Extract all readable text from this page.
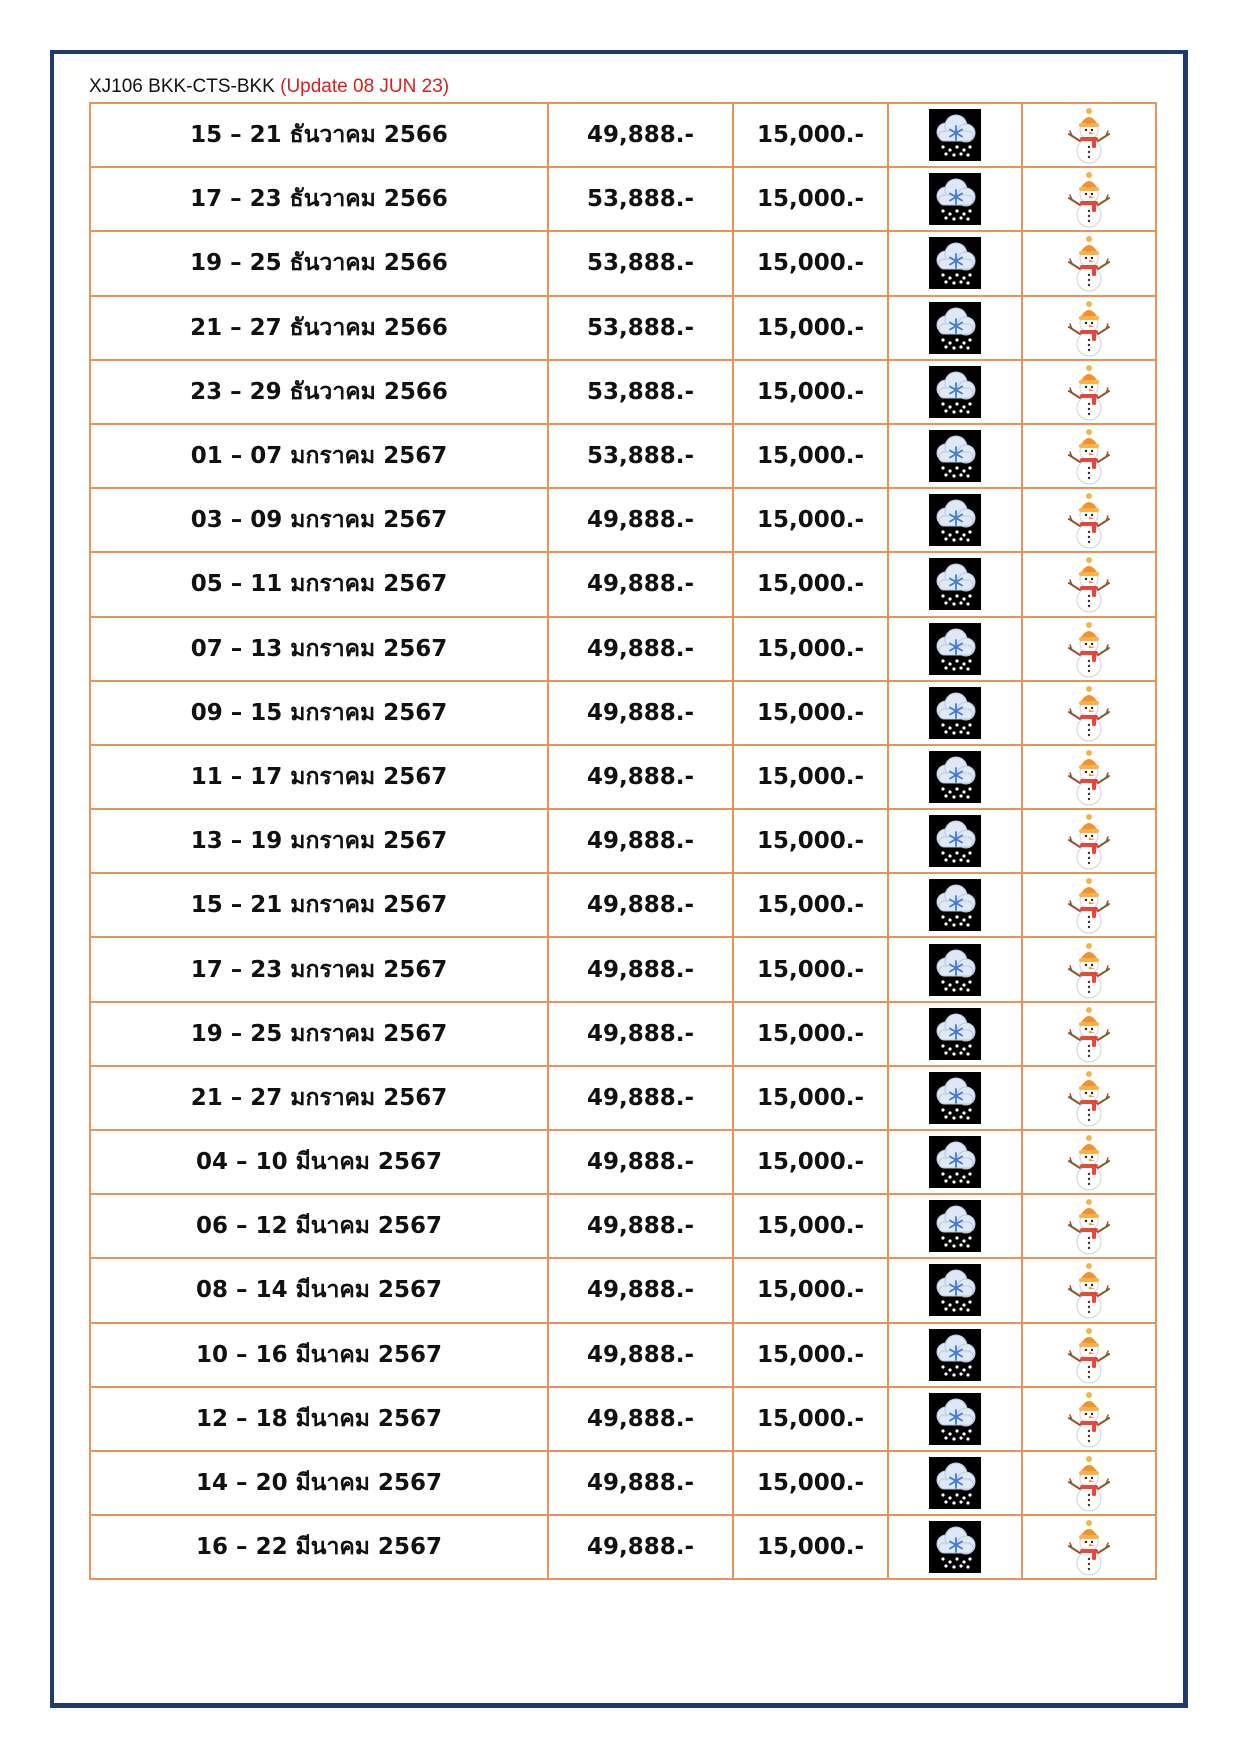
XJ106 BKK-CTS-BKK (Update 08 JUN 23)
15 – 21 ธันวาคม 2566	49,888.-	15,000.-	

17 – 23 ธันวาคม 2566	53,888.-	15,000.-	

19 – 25 ธันวาคม 2566	53,888.-	15,000.-	

21 – 27 ธันวาคม 2566	53,888.-	15,000.-	

23 – 29 ธันวาคม 2566	53,888.-	15,000.-	

01 – 07 มกราคม 2567	53,888.-	15,000.-	

03 – 09 มกราคม 2567	49,888.-	15,000.-	

05 – 11 มกราคม 2567	49,888.-	15,000.-	

07 – 13 มกราคม 2567	49,888.-	15,000.-	

09 – 15 มกราคม 2567	49,888.-	15,000.-	

11 – 17 มกราคม 2567	49,888.-	15,000.-	

13 – 19 มกราคม 2567	49,888.-	15,000.-	

15 – 21 มกราคม 2567	49,888.-	15,000.-	

17 – 23 มกราคม 2567	49,888.-	15,000.-	

19 – 25 มกราคม 2567	49,888.-	15,000.-	

21 – 27 มกราคม 2567	49,888.-	15,000.-	

04 – 10 มีนาคม 2567	49,888.-	15,000.-	

06 – 12 มีนาคม 2567	49,888.-	15,000.-	

08 – 14 มีนาคม 2567	49,888.-	15,000.-	

10 – 16 มีนาคม 2567	49,888.-	15,000.-	

12 – 18 มีนาคม 2567	49,888.-	15,000.-	

14 – 20 มีนาคม 2567	49,888.-	15,000.-	

16 – 22 มีนาคม 2567	49,888.-	15,000.-	
